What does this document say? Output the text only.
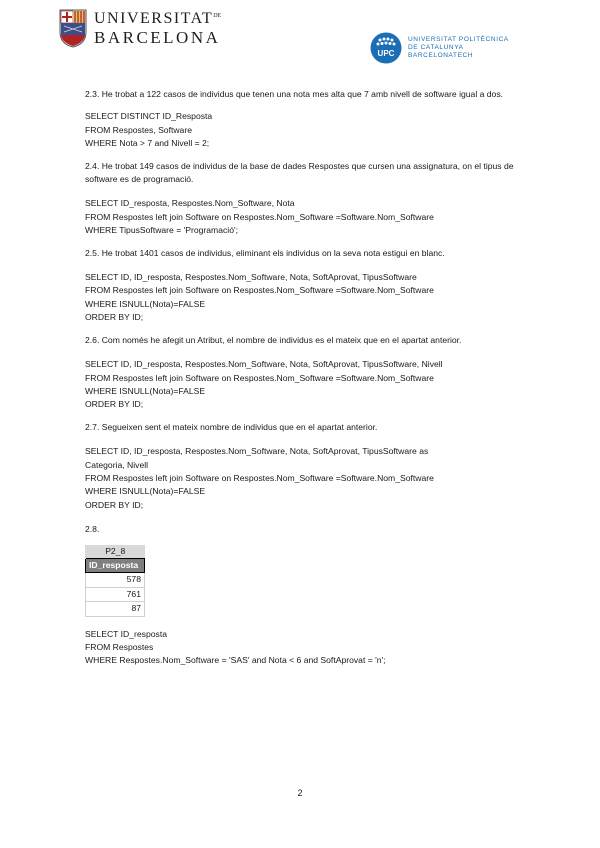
$UNIVERSITAT^{DE}$
BARCELONA
UPC
UNIVERSITAT POLITÈCNICA
DE CATALUNYA
BARCELONATECH

2.3. He trobat a 122 casos de individus que tenen una nota mes alta que 7 amb nivell de software igual a dos.

SELECT DISTINCT ID_Resposta

FROM Respostes, Software

WHERE Nota > 7 and Nivell = 2;

2.4. He trobat 149 casos de individus de la base de dades Respostes que cursen una assignatura, on el tipus de software es de programació.

SELECT ID_resposta, Respostes.Nom_Software, Nota

FROM Respostes left join Software on Respostes.Nom_Software =Software.Nom_Software

WHERE TipusSoftware = 'Programació';

2.5. He trobat 1401 casos de individus, eliminant els individus on la seva nota estigui en blanc.

SELECT ID, ID_resposta, Respostes.Nom_Software, Nota, SoftAprovat, TipusSoftware

FROM Respostes left join Software on Respostes.Nom_Software =Software.Nom_Software

WHERE ISNULL(Nota)=FALSE

ORDER BY ID;

2.6. Com només he afegit un Atribut, el nombre de individus es el mateix que en el apartat anterior.

SELECT ID, ID_resposta, Respostes.Nom_Software, Nota, SoftAprovat, TipusSoftware, Nivell

FROM Respostes left join Software on Respostes.Nom_Software =Software.Nom_Software

WHERE ISNULL(Nota)=FALSE

ORDER BY ID;

2.7. Segueixen sent el mateix nombre de individus que en el apartat anterior.

SELECT ID, ID_resposta, Respostes.Nom_Software, Nota, SoftAprovat, TipusSoftware as

Categoria, Nivell

FROM Respostes left join Software on Respostes.Nom_Software =Software.Nom_Software

WHERE ISNULL(Nota)=FALSE

ORDER BY ID;

2.8.

P2_8
ID_resposta
578
761
87

SELECT ID_resposta

FROM Respostes

WHERE Respostes.Nom_Software = 'SAS' and Nota < 6 and SoftAprovat = 'n';

2
